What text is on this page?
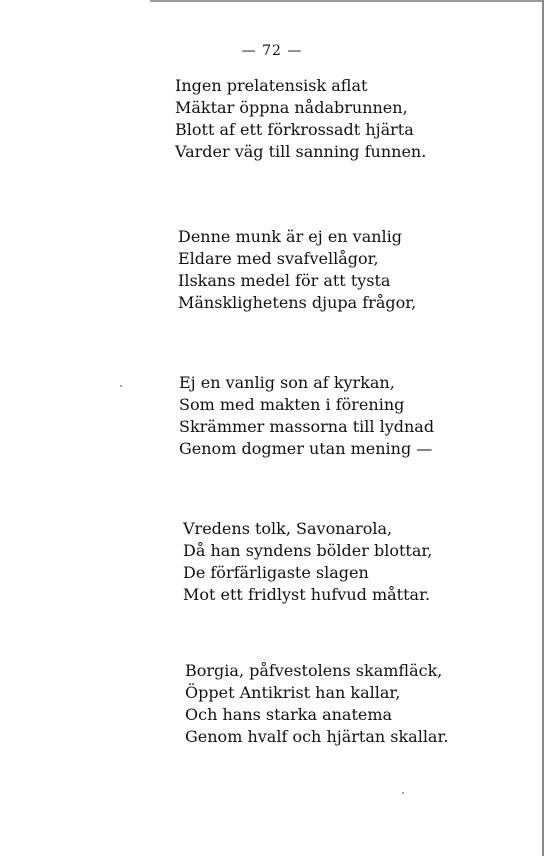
— 72 —
Ingen prelatensisk aflat
Mäktar öppna nådabrunnen,
Blott af ett förkrossadt hjärta
Varder väg till sanning funnen.
Denne munk är ej en vanlig
Eldare med svafvellågor,
Ilskans medel för att tysta
Mänsklighetens djupa frågor,
Ej en vanlig son af kyrkan,
Som med makten i förening
Skrämmer massorna till lydnad
Genom dogmer utan mening —
Vredens tolk, Savonarola,
Då han syndens bölder blottar,
De förfärligaste slagen
Mot ett fridlyst hufvud måttar.
Borgia, påfvestolens skamfläck,
Öppet Antikrist han kallar,
Och hans starka anatema
Genom hvalf och hjärtan skallar.
